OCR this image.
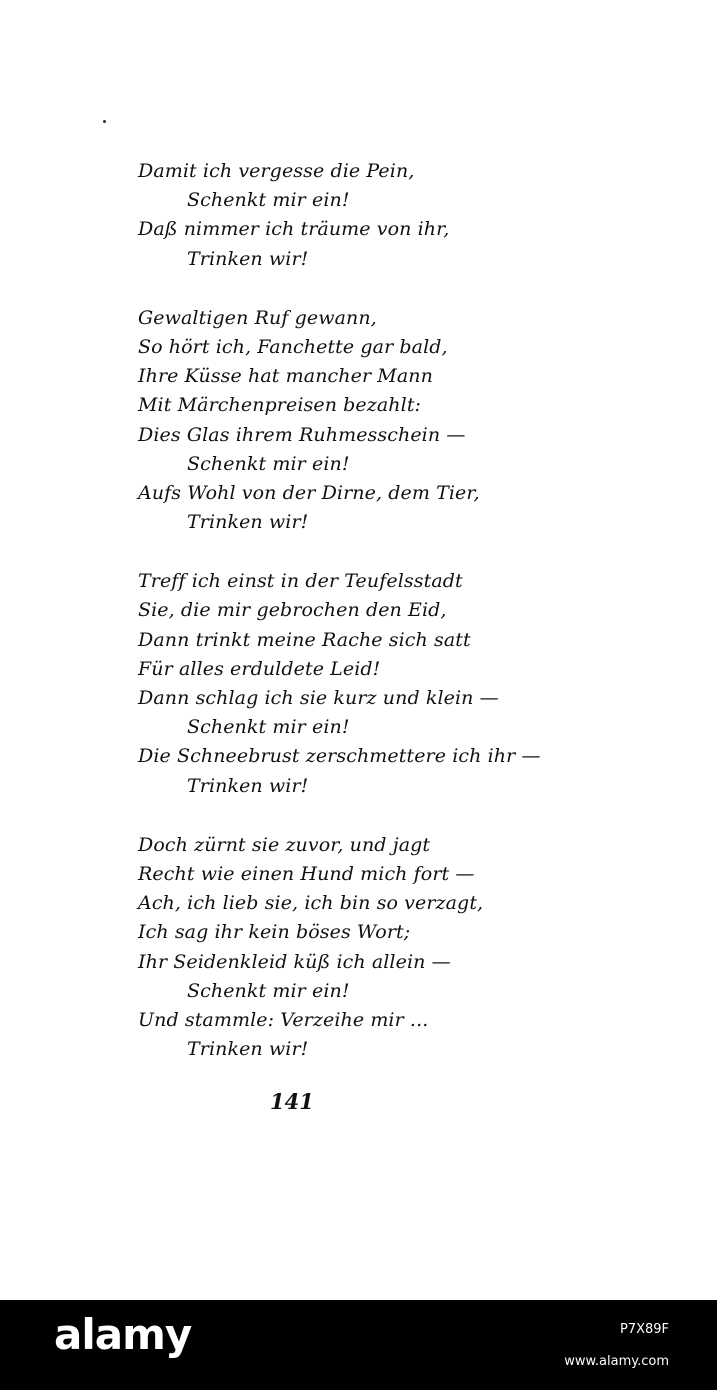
Damit ich vergesse die Pein,
Schenkt mir ein!
Daß nimmer ich träume von ihr,
Trinken wir!
Gewaltigen Ruf gewann,
So hört ich, Fanchette gar bald,
Ihre Küsse hat mancher Mann
Mit Märchenpreisen bezahlt:
Dies Glas ihrem Ruhmesschein —
Schenkt mir ein!
Aufs Wohl von der Dirne, dem Tier,
Trinken wir!
Treff ich einst in der Teufelsstadt
Sie, die mir gebrochen den Eid,
Dann trinkt meine Rache sich satt
Für alles erduldete Leid!
Dann schlag ich sie kurz und klein —
Schenkt mir ein!
Die Schneebrust zerschmettere ich ihr —
Trinken wir!
Doch zürnt sie zuvor, und jagt
Recht wie einen Hund mich fort —
Ach, ich lieb sie, ich bin so verzagt,
Ich sag ihr kein böses Wort;
Ihr Seidenkleid küß ich allein —
Schenkt mir ein!
Und stammle: Verzeihe mir ...
Trinken wir!
141
alamy	P7X89F
www.alamy.com
